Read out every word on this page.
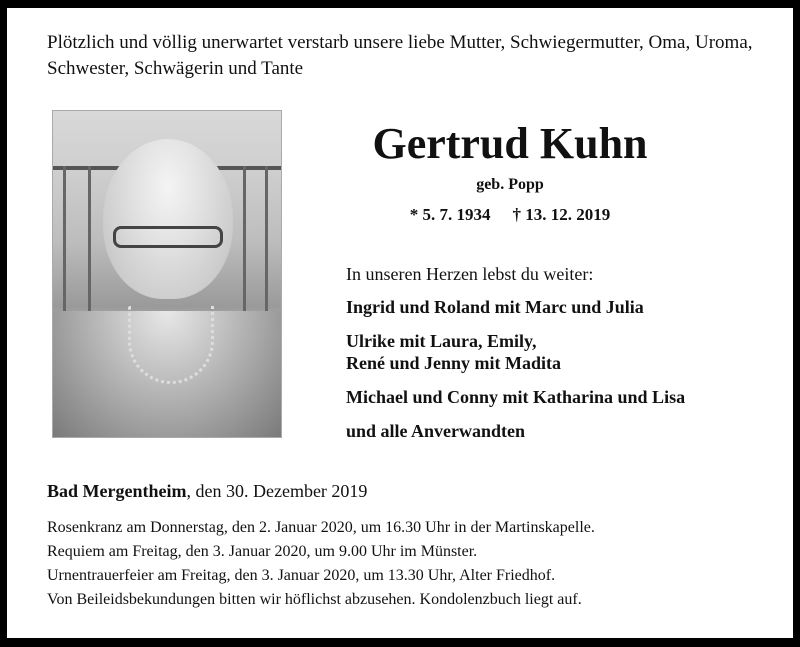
Plötzlich und völlig unerwartet verstarb unsere liebe Mutter, Schwiegermutter, Oma, Uroma, Schwester, Schwägerin und Tante
Gertrud Kuhn
geb. Popp
* 5. 7. 1934 † 13. 12. 2019
In unseren Herzen lebst du weiter:
Ingrid und Roland mit Marc und Julia
Ulrike mit Laura, Emily,
René und Jenny mit Madita
Michael und Conny mit Katharina und Lisa
und alle Anverwandten
Bad Mergentheim, den 30. Dezember 2019
Rosenkranz am Donnerstag, den 2. Januar 2020, um 16.30 Uhr in der Martinskapelle.
Requiem am Freitag, den 3. Januar 2020, um 9.00 Uhr im Münster.
Urnentrauerfeier am Freitag, den 3. Januar 2020, um 13.30 Uhr, Alter Friedhof.
Von Beileidsbekundungen bitten wir höflichst abzusehen. Kondolenzbuch liegt auf.
